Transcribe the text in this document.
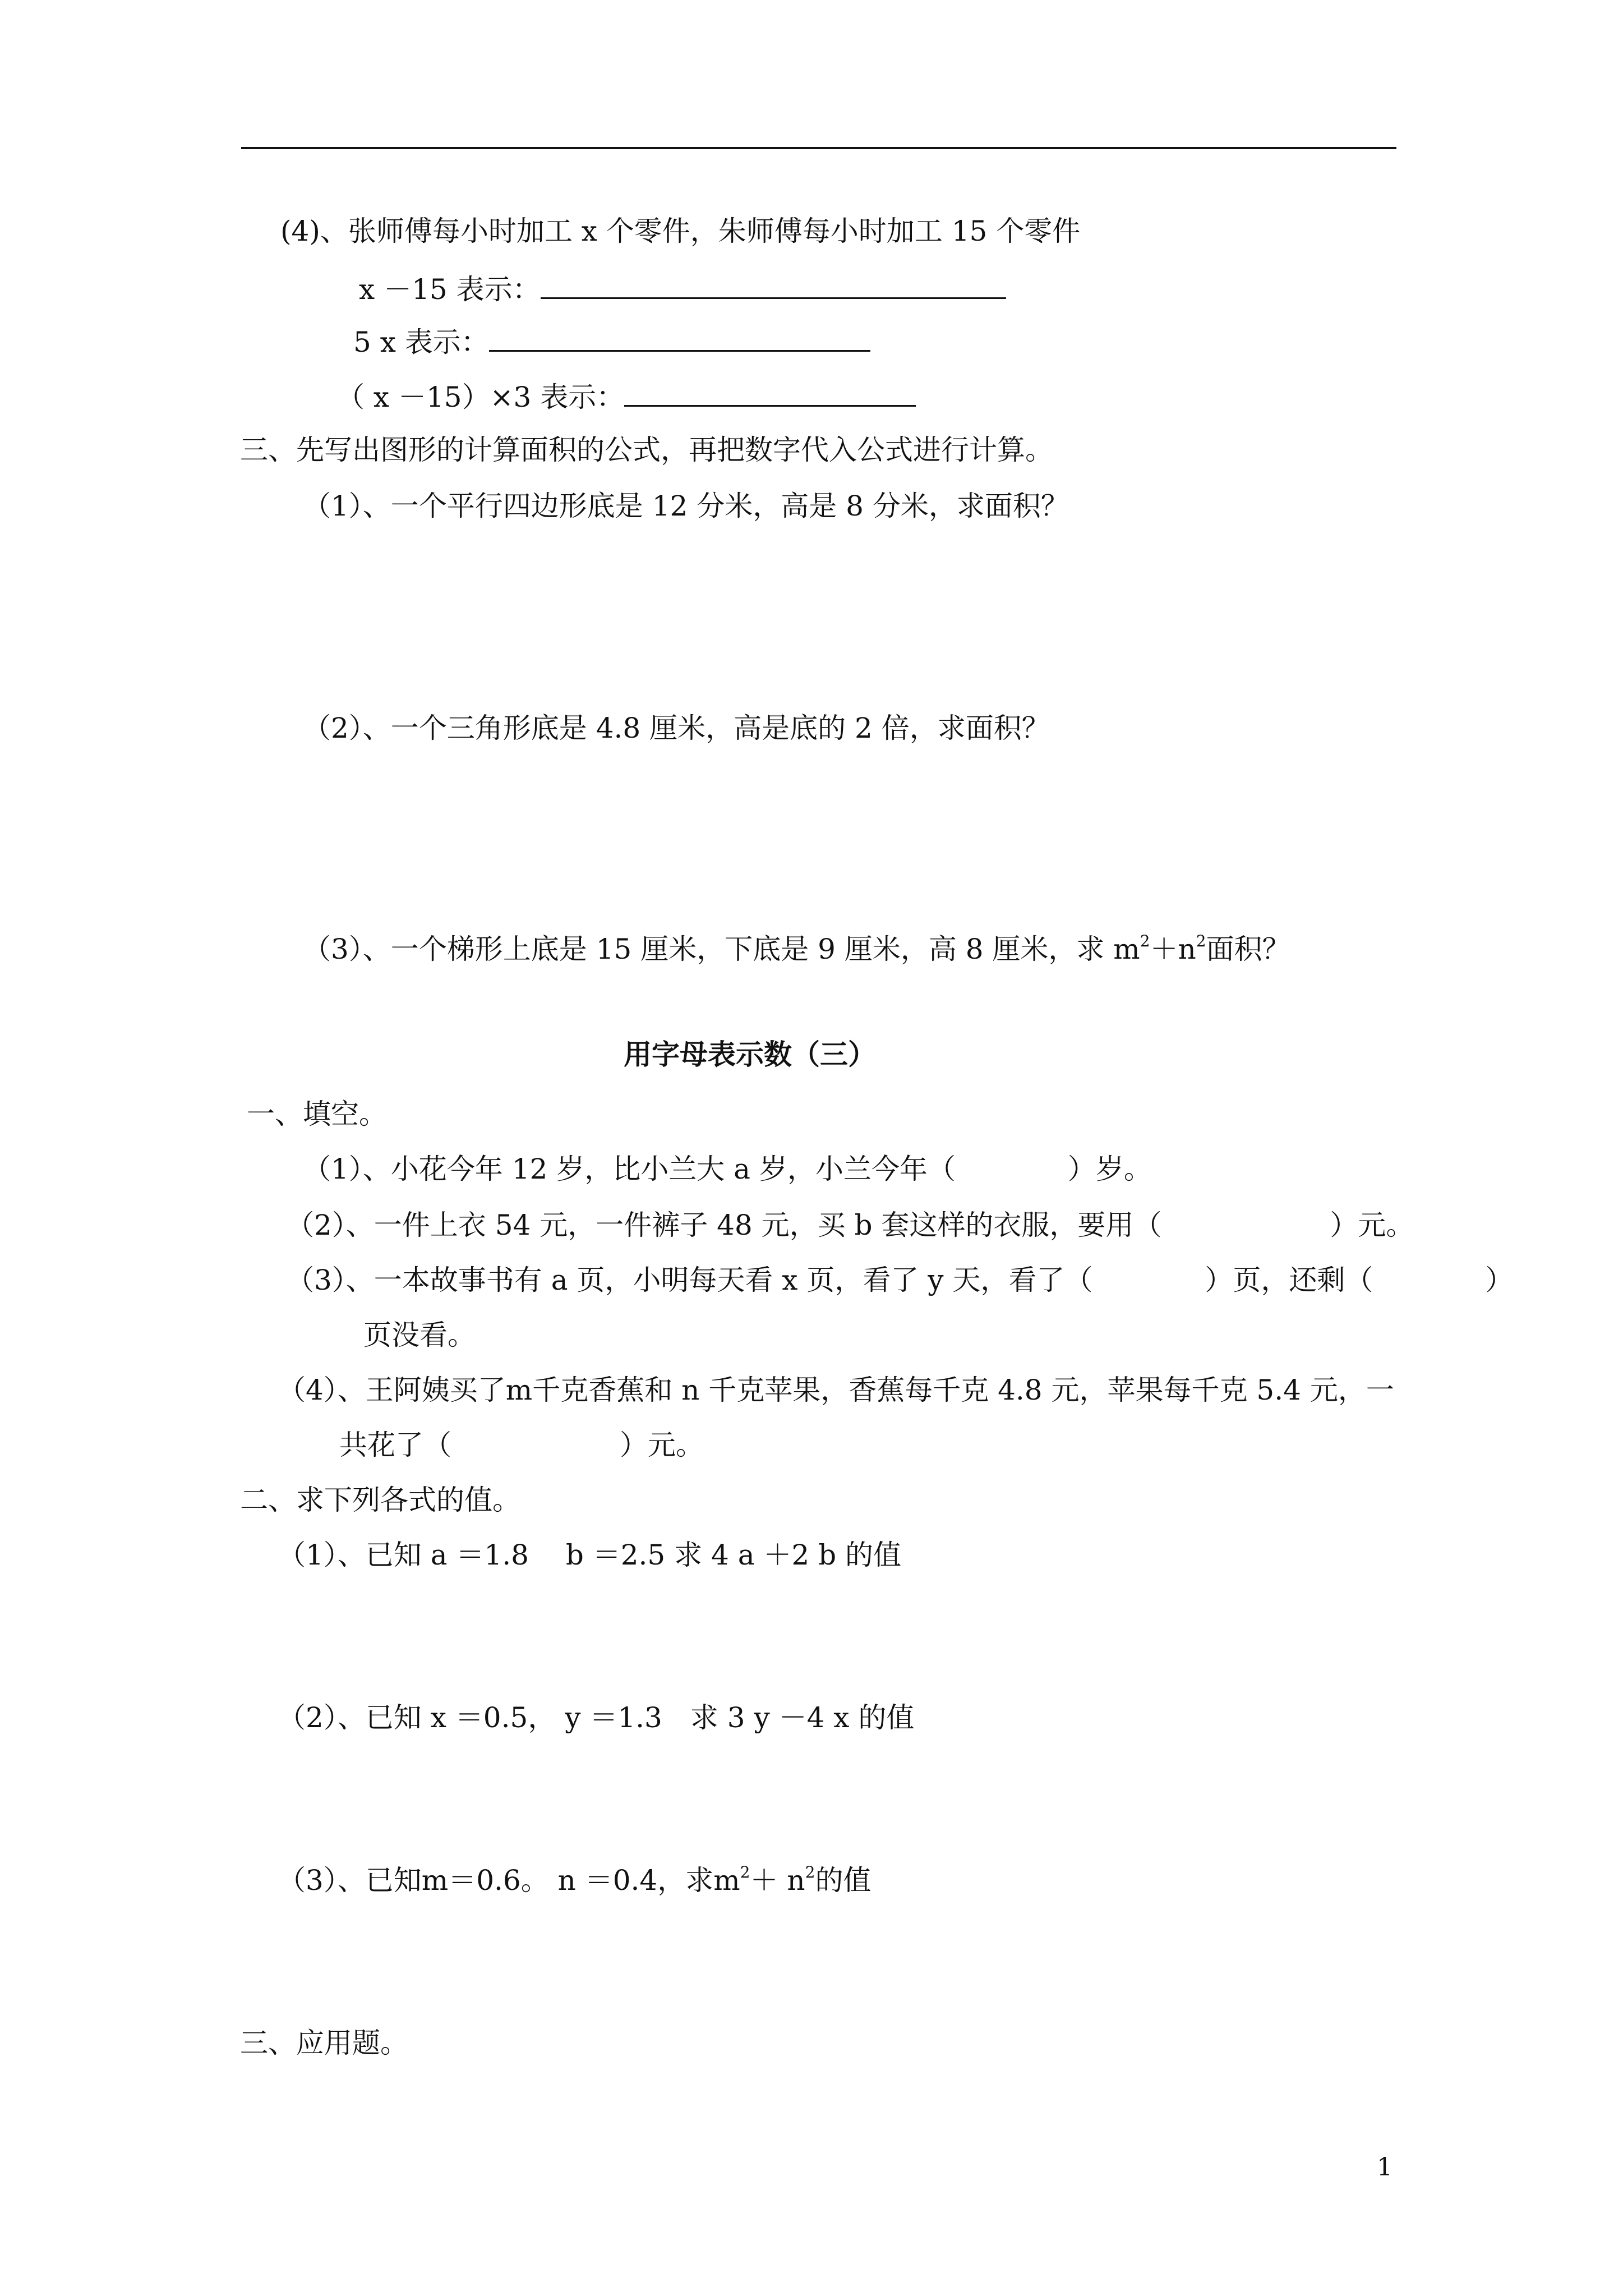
(4)、张师傅每小时加工 x 个零件，朱师傅每小时加工 15 个零件
x －15 表示：
5 x 表示：
（ x －15）×3 表示：
三、先写出图形的计算面积的公式，再把数字代入公式进行计算。
（1）、一个平行四边形底是 12 分米，高是 8 分米，求面积？
（2）、一个三角形底是 4.8 厘米，高是底的 2 倍，求面积？
（3）、一个梯形上底是 15 厘米，下底是 9 厘米，高 8 厘米，求 $m^2+n^2$面积？
用字母表示数（三）
一、填空。
（1）、小花今年 12 岁，比小兰大 a 岁，小兰今年（　　　　）岁。
（2）、一件上衣 54 元，一件裤子 48 元，买 b 套这样的衣服，要用（　　　　　　）元。
（3）、一本故事书有 a 页，小明每天看 x 页，看了 y 天，看了（　　　　）页，还剩（　　　　）
页没看。
（4）、王阿姨买了m千克香蕉和 n 千克苹果，香蕉每千克 4.8 元，苹果每千克 5.4 元，一
共花了（　　　　　　）元。
二、求下列各式的值。
（1）、已知 a ＝1.8　 b ＝2.5 求 4 a ＋2 b 的值
（2）、已知 x ＝0.5， y ＝1.3　求 3 y －4 x 的值
（3）、已知m＝0.6。 n ＝0.4，求$m^2+ n^2$的值
三、应用题。
1
